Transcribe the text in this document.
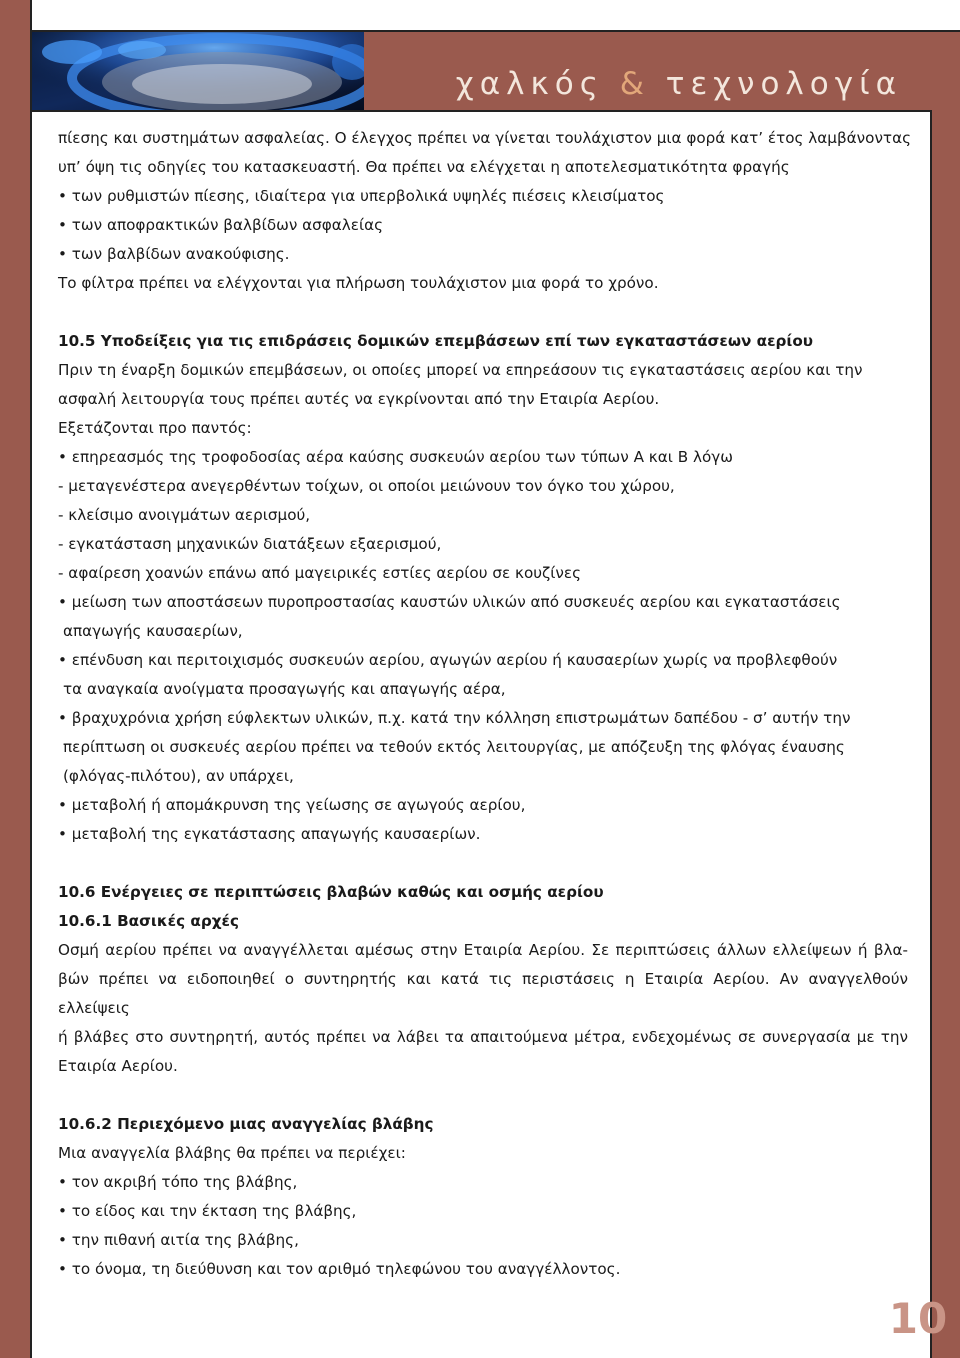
χαλκός & τεχνολογία

πίεσης και συστημάτων ασφαλείας. Ο έλεγχος πρέπει να γίνεται τουλάχιστον μια φορά κατ’ έτος λαμβάνοντας

υπ’ όψη τις οδηγίες του κατασκευαστή. Θα πρέπει να ελέγχεται η αποτελεσματικότητα φραγής

• των ρυθμιστών πίεσης, ιδιαίτερα για υπερβολικά υψηλές πιέσεις κλεισίματος

• των αποφρακτικών βαλβίδων ασφαλείας

• των βαλβίδων ανακούφισης.

Το φίλτρα πρέπει να ελέγχονται για πλήρωση τουλάχιστον μια φορά το χρόνο.

10.5 Υποδείξεις για τις επιδράσεις δομικών επεμβάσεων επί των εγκαταστάσεων αερίου

Πριν τη έναρξη δομικών επεμβάσεων, οι οποίες μπορεί να επηρεάσουν τις εγκαταστάσεις αερίου και την

ασφαλή λειτουργία τους πρέπει αυτές να εγκρίνονται από την Εταιρία Αερίου.

Εξετάζονται προ παντός:

• επηρεασμός της τροφοδοσίας αέρα καύσης συσκευών αερίου των τύπων Α και Β λόγω

- μεταγενέστερα ανεγερθέντων τοίχων, οι οποίοι μειώνουν τον όγκο του χώρου,

- κλείσιμο ανοιγμάτων αερισμού,

- εγκατάσταση μηχανικών διατάξεων εξαερισμού,

- αφαίρεση χοανών επάνω από μαγειρικές εστίες αερίου σε κουζίνες

• μείωση των αποστάσεων πυροπροστασίας καυστών υλικών από συσκευές αερίου και εγκαταστάσεις

απαγωγής καυσαερίων,

• επένδυση και περιτοιχισμός συσκευών αερίου, αγωγών αερίου ή καυσαερίων χωρίς να προβλεφθούν

τα αναγκαία ανοίγματα προσαγωγής και απαγωγής αέρα,

• βραχυχρόνια χρήση εύφλεκτων υλικών, π.χ. κατά την κόλληση επιστρωμάτων δαπέδου - σ’ αυτήν την

περίπτωση οι συσκευές αερίου πρέπει να τεθούν εκτός λειτουργίας, με απόζευξη της φλόγας έναυσης

(φλόγας-πιλότου), αν υπάρχει,

• μεταβολή ή απομάκρυνση της γείωσης σε αγωγούς αερίου,

• μεταβολή της εγκατάστασης απαγωγής καυσαερίων.

10.6 Ενέργειες σε περιπτώσεις βλαβών καθώς και οσμής αερίου

10.6.1 Βασικές αρχές

Οσμή αερίου πρέπει να αναγγέλλεται αμέσως στην Εταιρία Αερίου. Σε περιπτώσεις άλλων ελλείψεων ή βλα-

βών πρέπει να ειδοποιηθεί ο συντηρητής και κατά τις περιστάσεις η Εταιρία Αερίου. Αν αναγγελθούν ελλείψεις

ή βλάβες στο συντηρητή, αυτός πρέπει να λάβει τα απαιτούμενα μέτρα, ενδεχομένως σε συνεργασία με την

Εταιρία Αερίου.

10.6.2 Περιεχόμενο μιας αναγγελίας βλάβης

Μια αναγγελία βλάβης θα πρέπει να περιέχει:

• τον ακριβή τόπο της βλάβης,

• το είδος και την έκταση της βλάβης,

• την πιθανή αιτία της βλάβης,

• το όνομα, τη διεύθυνση και τον αριθμό τηλεφώνου του αναγγέλλοντος.

10
